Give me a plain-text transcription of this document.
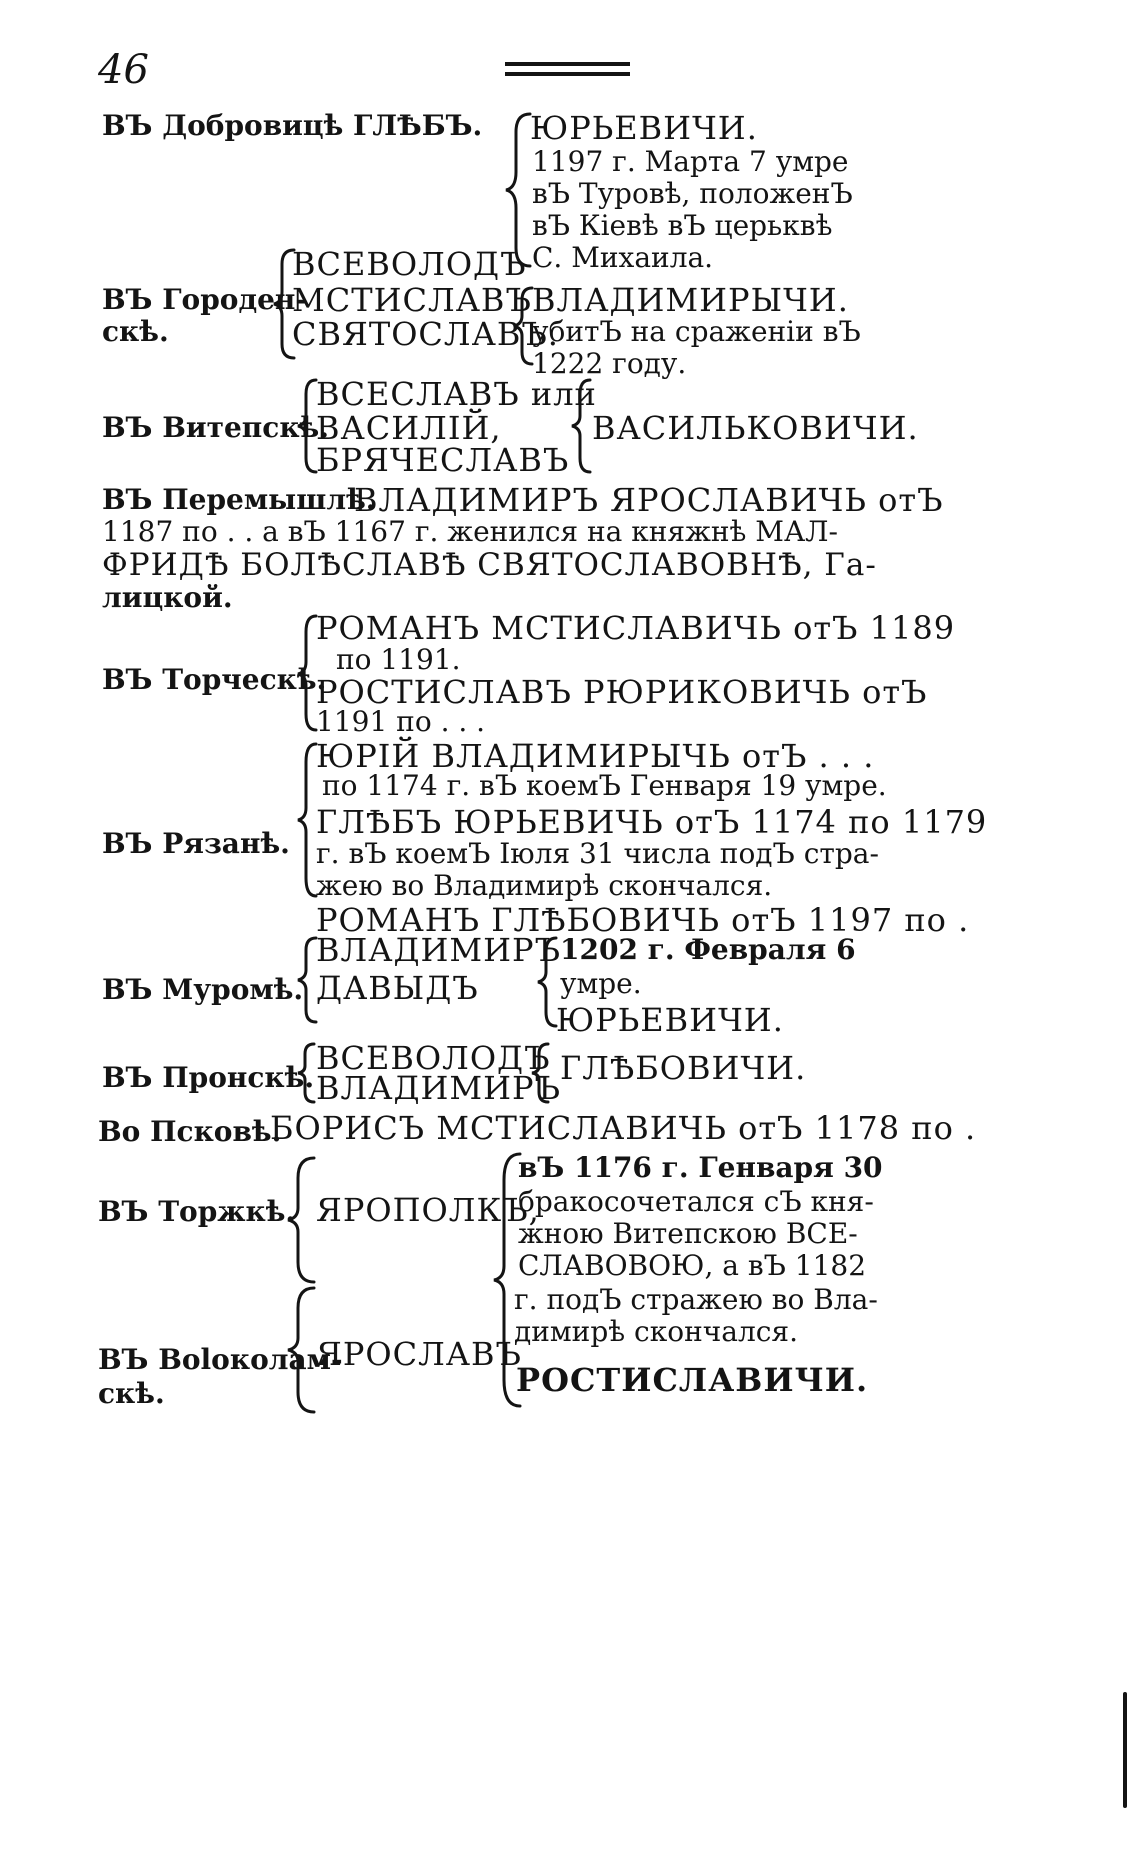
46
ВЪ Добровицѣ ГЛѢБЪ. ЮРЬЕВИЧИ.
1197 г. Марта 7 умре
вЪ Туровѣ, положенЪ
вЪ Кіевѣ вЪ церьквѣ
С. Михаила.
ВЪ Городен-
скѣ.
ВСЕВОЛОДЪ
МСТИСЛАВЪ
СВЯТОСЛАВЪ.
ВЛАДИМИРЫЧИ.
убитЪ на сраженіи вЪ
1222 году.
ВЪ Витепскѣ.
ВСЕСЛАВЪ или
ВАСИЛІЙ,
БРЯЧЕСЛАВЪ
ВАСИЛЬКОВИЧИ.
ВЪ Перемышлѣ.
ВЛАДИМИРЪ ЯРОСЛАВИЧЬ отЪ
1187 по . . а вЪ 1167 г. женился на княжнѣ МАЛ-
ФРИДѢ БОЛѢСЛАВѢ СВЯТОСЛАВОВНѢ, Га-
лицкой.
ВЪ Торческѣ.
РОМАНЪ МСТИСЛАВИЧЬ отЪ 1189
по 1191.
РОСТИСЛАВЪ РЮРИКОВИЧЬ отЪ
1191 по . . .
ВЪ Рязанѣ.
ЮРІЙ ВЛАДИМИРЫЧЬ отЪ . . .
по 1174 г. вЪ коемЪ Генваря 19 умре.
ГЛѢБЪ ЮРЬЕВИЧЬ отЪ 1174 по 1179
г. вЪ коемЪ Іюля 31 числа подЪ стра-
жею во Владимирѣ скончался.
РОМАНЪ ГЛѢБОВИЧЬ отЪ 1197 по .
ВЪ Муромѣ.
ВЛАДИМИРЪ
ДАВЫДЪ
1202 г. Февраля 6
умре.
ЮРЬЕВИЧИ.
ВЪ Пронскѣ.
ВСЕВОЛОДЪ
ВЛАДИМИРЪ
ГЛѢБОВИЧИ.
Во Псковѣ.
БОРИСЪ МСТИСЛАВИЧЬ отЪ 1178 по .
ВЪ Торжкѣ.
ВЪ Воloколам-
скѣ.
ЯРОПОЛКЪ,
ЯРОСЛАВЪ
вЪ 1176 г. Генваря 30
бракосочетался сЪ кня-
жною Витепскою ВСЕ-
СЛАВОВОЮ, а вЪ 1182
г. подЪ стражею во Вла-
димирѣ скончался.
РОСТИСЛАВИЧИ.
